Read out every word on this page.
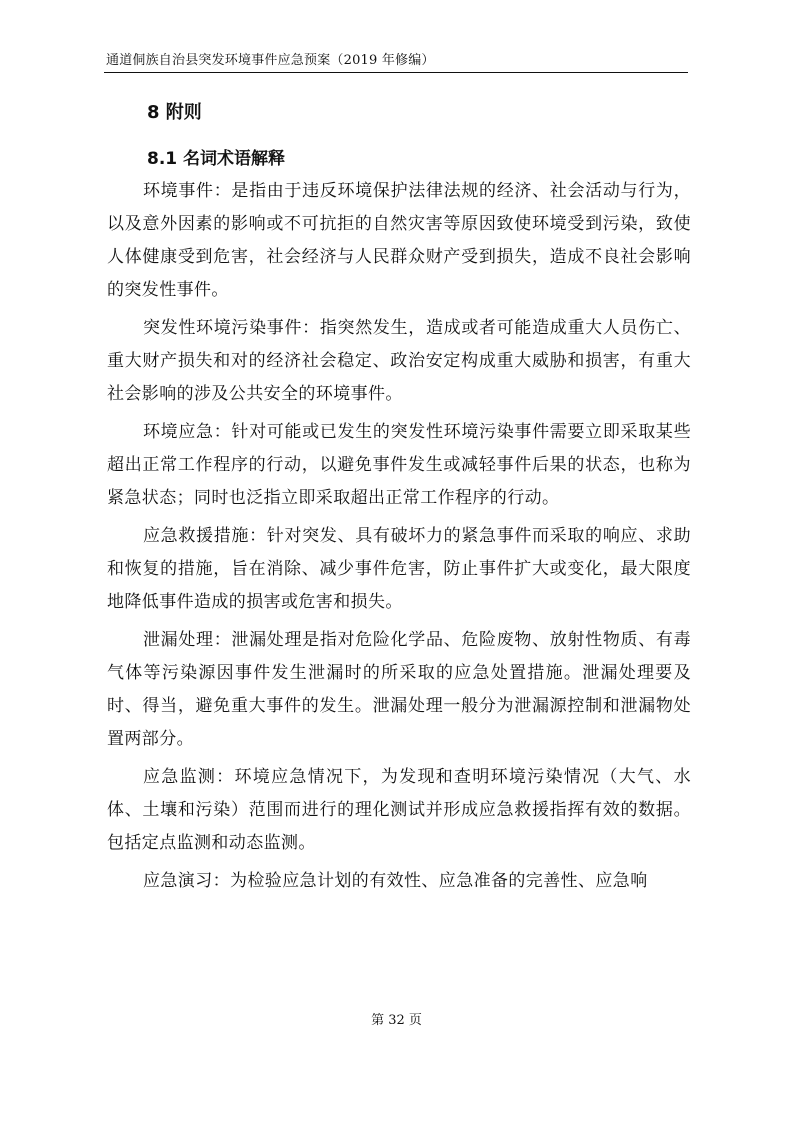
通道侗族自治县突发环境事件应急预案（2019 年修编）
8 附则
8.1 名词术语解释

环境事件：是指由于违反环境保护法律法规的经济、社会活动与行为，以及意外因素的影响或不可抗拒的自然灾害等原因致使环境受到污染，致使人体健康受到危害，社会经济与人民群众财产受到损失，造成不良社会影响的突发性事件。

突发性环境污染事件：指突然发生，造成或者可能造成重大人员伤亡、重大财产损失和对的经济社会稳定、政治安定构成重大威胁和损害，有重大社会影响的涉及公共安全的环境事件。

环境应急：针对可能或已发生的突发性环境污染事件需要立即采取某些超出正常工作程序的行动，以避免事件发生或减轻事件后果的状态，也称为紧急状态；同时也泛指立即采取超出正常工作程序的行动。

应急救援措施：针对突发、具有破坏力的紧急事件而采取的响应、求助和恢复的措施，旨在消除、减少事件危害，防止事件扩大或变化，最大限度地降低事件造成的损害或危害和损失。

泄漏处理：泄漏处理是指对危险化学品、危险废物、放射性物质、有毒气体等污染源因事件发生泄漏时的所采取的应急处置措施。泄漏处理要及时、得当，避免重大事件的发生。泄漏处理一般分为泄漏源控制和泄漏物处置两部分。

应急监测：环境应急情况下，为发现和查明环境污染情况（大气、水体、土壤和污染）范围而进行的理化测试并形成应急救援指挥有效的数据。包括定点监测和动态监测。

应急演习：为检验应急计划的有效性、应急准备的完善性、应急响

第 32 页
